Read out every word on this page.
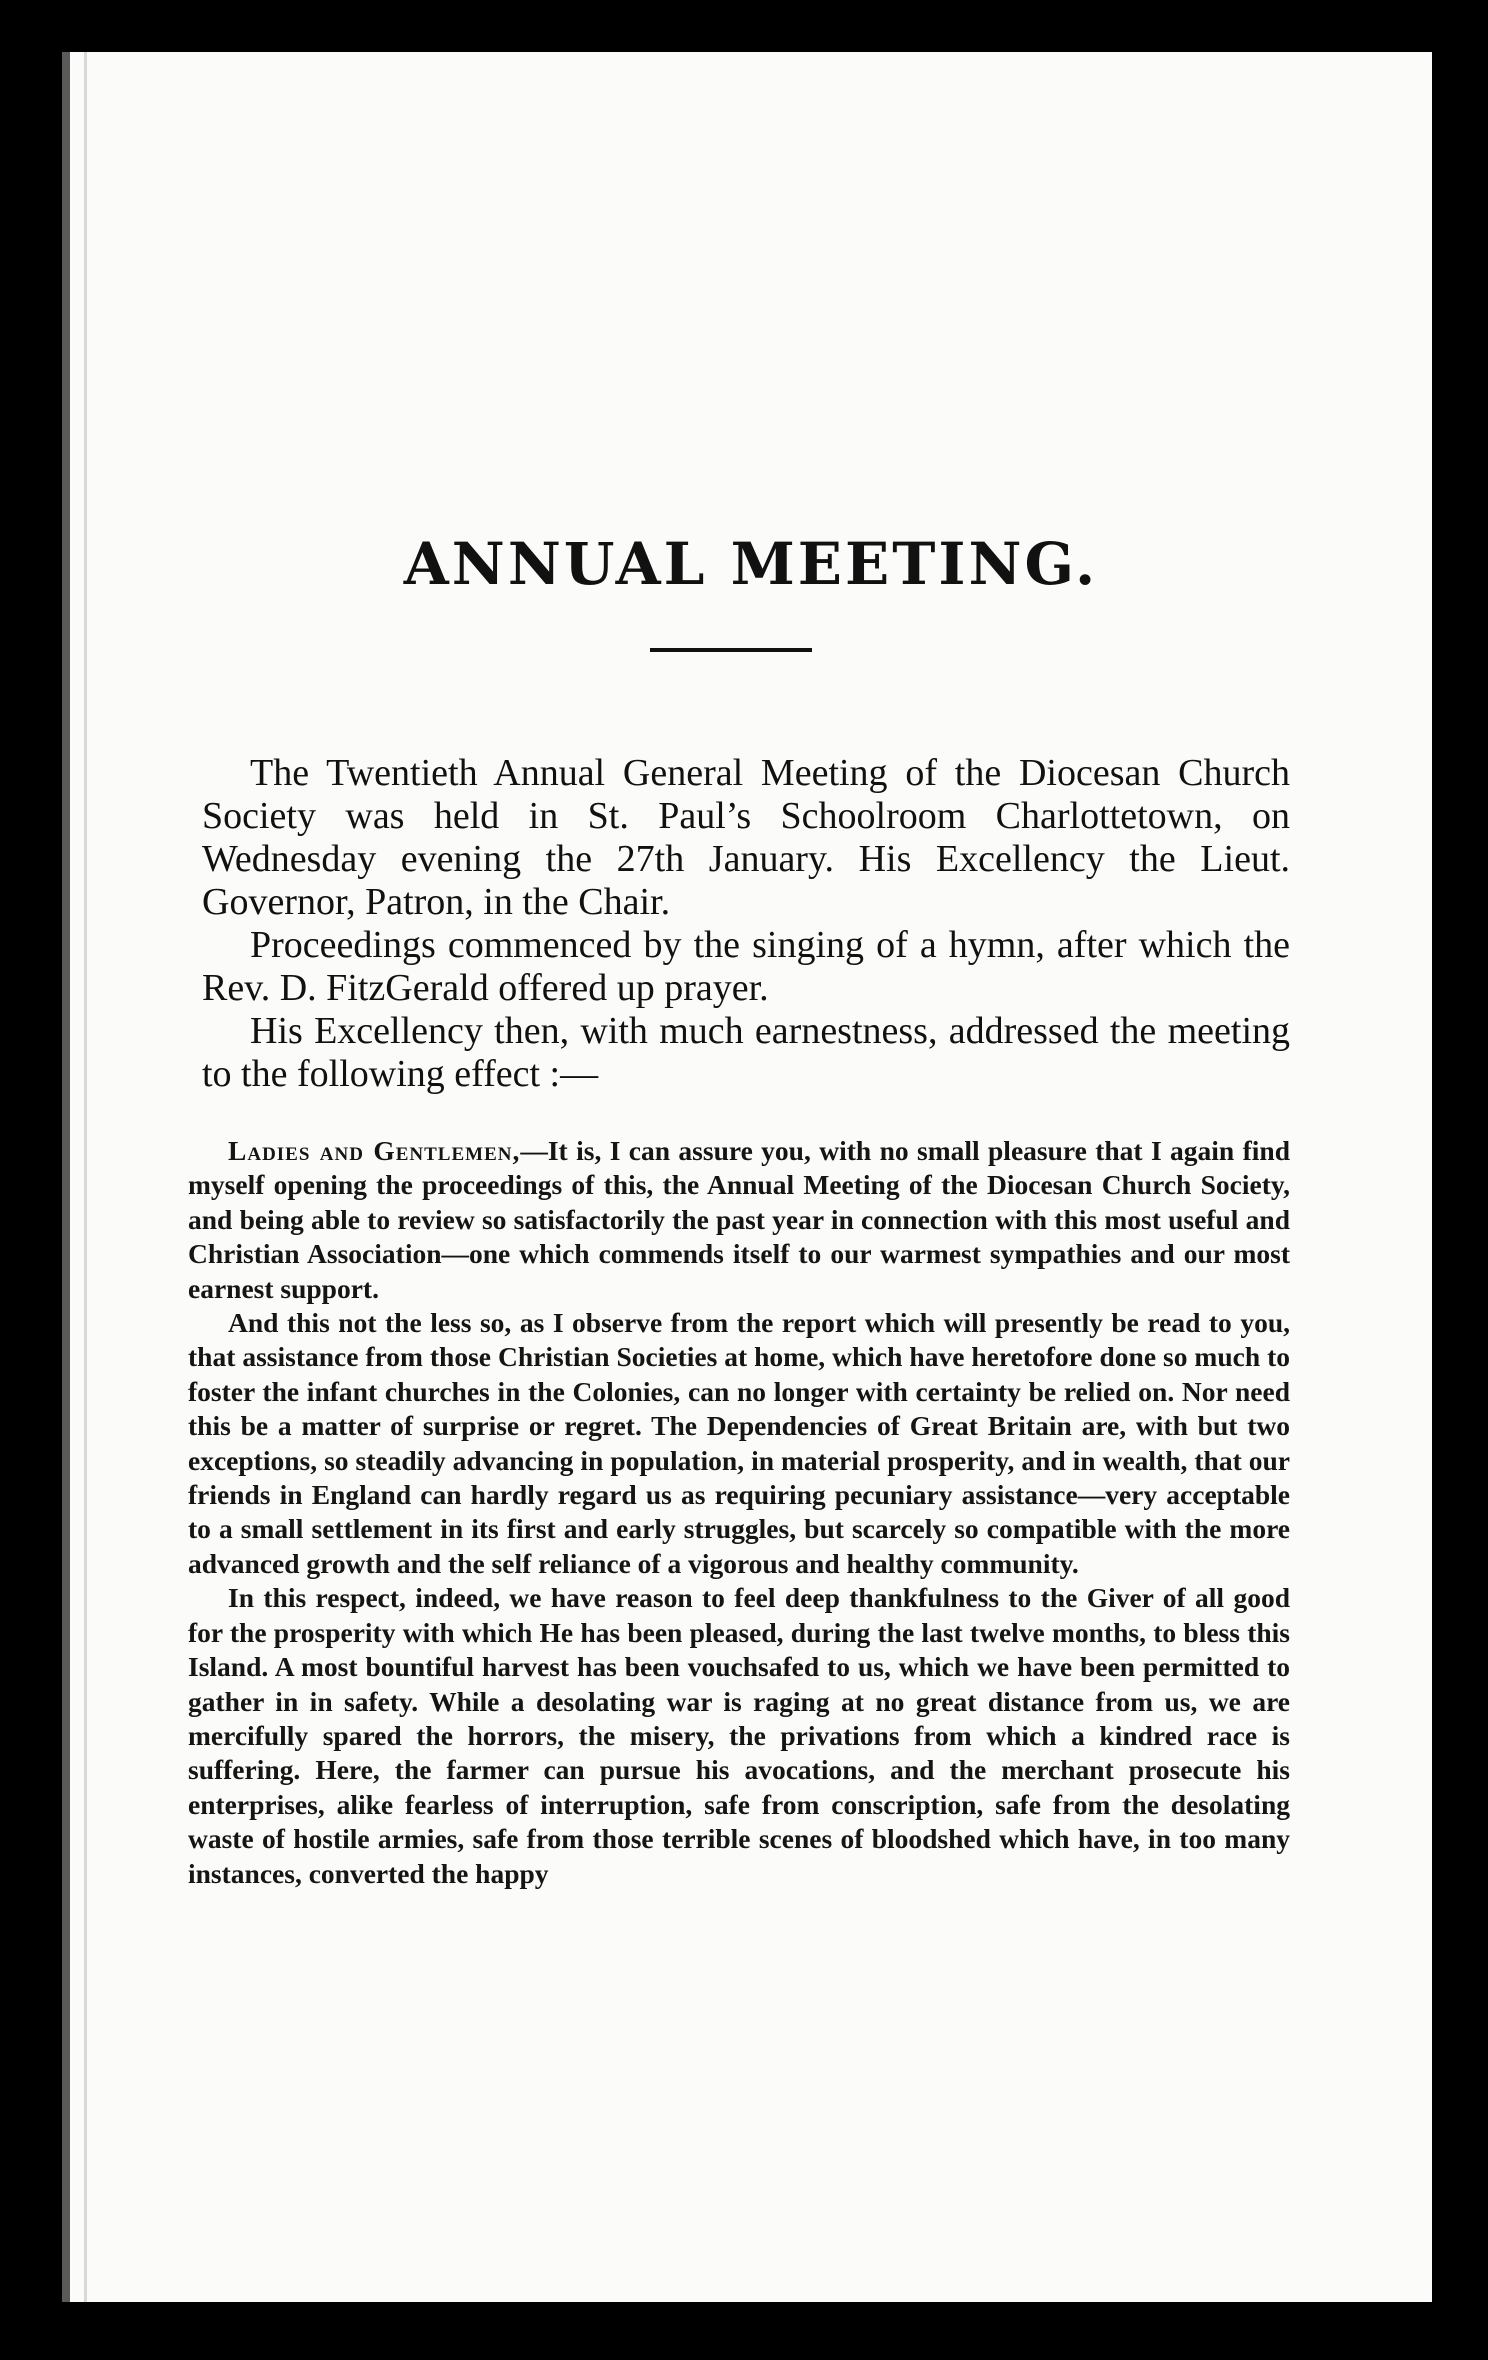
ANNUAL MEETING.

The Twentieth Annual General Meeting of the Diocesan Church Society was held in St. Paul’s Schoolroom Charlottetown, on Wednesday evening the 27th January. His Excellency the Lieut. Governor, Patron, in the Chair.

Proceedings commenced by the singing of a hymn, after which the Rev. D. FitzGerald offered up prayer.

His Excellency then, with much earnestness, addressed the meeting to the following effect :—

Ladies and Gentlemen,—It is, I can assure you, with no small pleasure that I again find myself opening the proceedings of this, the Annual Meeting of the Diocesan Church Society, and being able to review so satisfactorily the past year in connection with this most useful and Christian Association—one which commends itself to our warmest sympathies and our most earnest support.

And this not the less so, as I observe from the report which will presently be read to you, that assistance from those Christian Societies at home, which have heretofore done so much to foster the infant churches in the Colonies, can no longer with certainty be relied on. Nor need this be a matter of surprise or regret. The Dependencies of Great Britain are, with but two exceptions, so steadily advancing in population, in material prosperity, and in wealth, that our friends in England can hardly regard us as requiring pecuniary assistance—very acceptable to a small settlement in its first and early struggles, but scarcely so compatible with the more advanced growth and the self reliance of a vigorous and healthy community.

In this respect, indeed, we have reason to feel deep thankfulness to the Giver of all good for the prosperity with which He has been pleased, during the last twelve months, to bless this Island. A most bountiful harvest has been vouchsafed to us, which we have been permitted to gather in in safety. While a desolating war is raging at no great distance from us, we are mercifully spared the horrors, the misery, the privations from which a kindred race is suffering. Here, the farmer can pursue his avocations, and the merchant prosecute his enterprises, alike fearless of interruption, safe from conscription, safe from the desolating waste of hostile armies, safe from those terrible scenes of bloodshed which have, in too many instances, converted the happy
